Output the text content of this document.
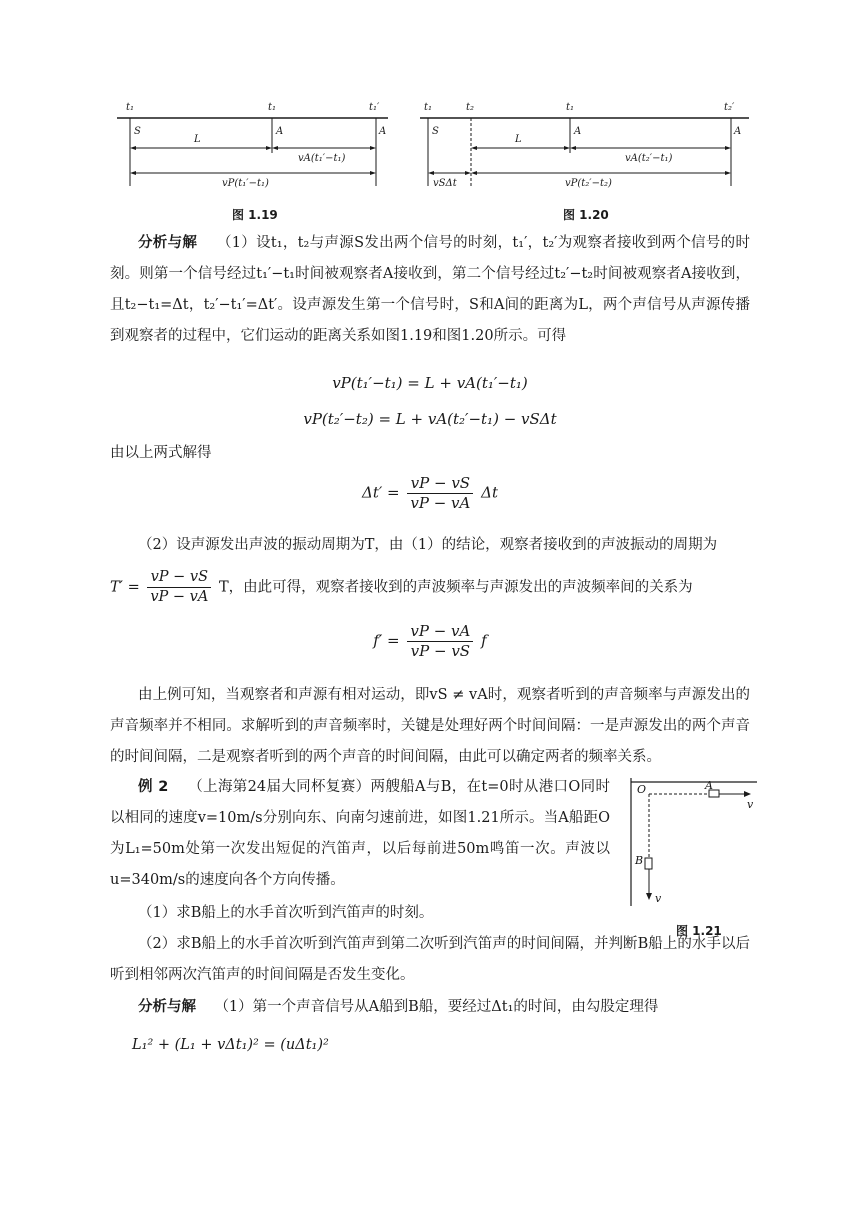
t₁	t₁	t₁′
S	A	A
L
vA(t₁′−t₁)
vP(t₁′−t₁)
图 1.19
t₁	t₂	t₁	t₂′
S	A	A
L
vA(t₂′−t₁)
vSΔt	vP(t₂′−t₂)
图 1.20
分析与解 （1）设t₁，t₂与声源S发出两个信号的时刻，t₁′，t₂′为观察者接收到两个信号的时刻。则第一个信号经过t₁′−t₁时间被观察者A接收到，第二个信号经过t₂′−t₂时间被观察者A接收到，且t₂−t₁=Δt，t₂′−t₁′=Δt′。设声源发生第一个信号时，S和A间的距离为L，两个声信号从声源传播到观察者的过程中，它们运动的距离关系如图1.19和图1.20所示。可得
vP(t₁′−t₁) = L + vA(t₁′−t₁)
vP(t₂′−t₂) = L + vA(t₂′−t₁) − vSΔt
由以上两式解得
$\Delta t' = \frac{vP - vS}{vP - vA}$ Δt
（2）设声源发出声波的振动周期为T，由（1）的结论，观察者接收到的声波振动的周期为
$T' = \frac{vP - vS}{vP - vA}$ T，由此可得，观察者接收到的声波频率与声源发出的声波频率间的关系为
$f' = \frac{vP - vA}{vP - vS}$ f
由上例可知，当观察者和声源有相对运动，即vS ≠ vA时，观察者听到的声音频率与声源发出的声音频率并不相同。求解听到的声音频率时，关键是处理好两个时间间隔：一是声源发出的两个声音的时间间隔，二是观察者听到的两个声音的时间间隔，由此可以确定两者的频率关系。
例 2 （上海第24届大同杯复赛）两艘船A与B，在t=0时从港口O同时以相同的速度v=10m/s分别向东、向南匀速前进，如图1.21所示。当A船距O为L₁=50m处第一次发出短促的汽笛声，以后每前进50m鸣笛一次。声波以u=340m/s的速度向各个方向传播。
（1）求B船上的水手首次听到汽笛声的时刻。
（2）求B船上的水手首次听到汽笛声到第二次听到汽笛声的时间间隔，并判断B船上的水手以后听到相邻两次汽笛声的时间间隔是否发生变化。
O	A
B
v
v
图 1.21
分析与解 （1）第一个声音信号从A船到B船，要经过Δt₁的时间，由勾股定理得
L₁² + (L₁ + vΔt₁)² = (uΔt₁)²
